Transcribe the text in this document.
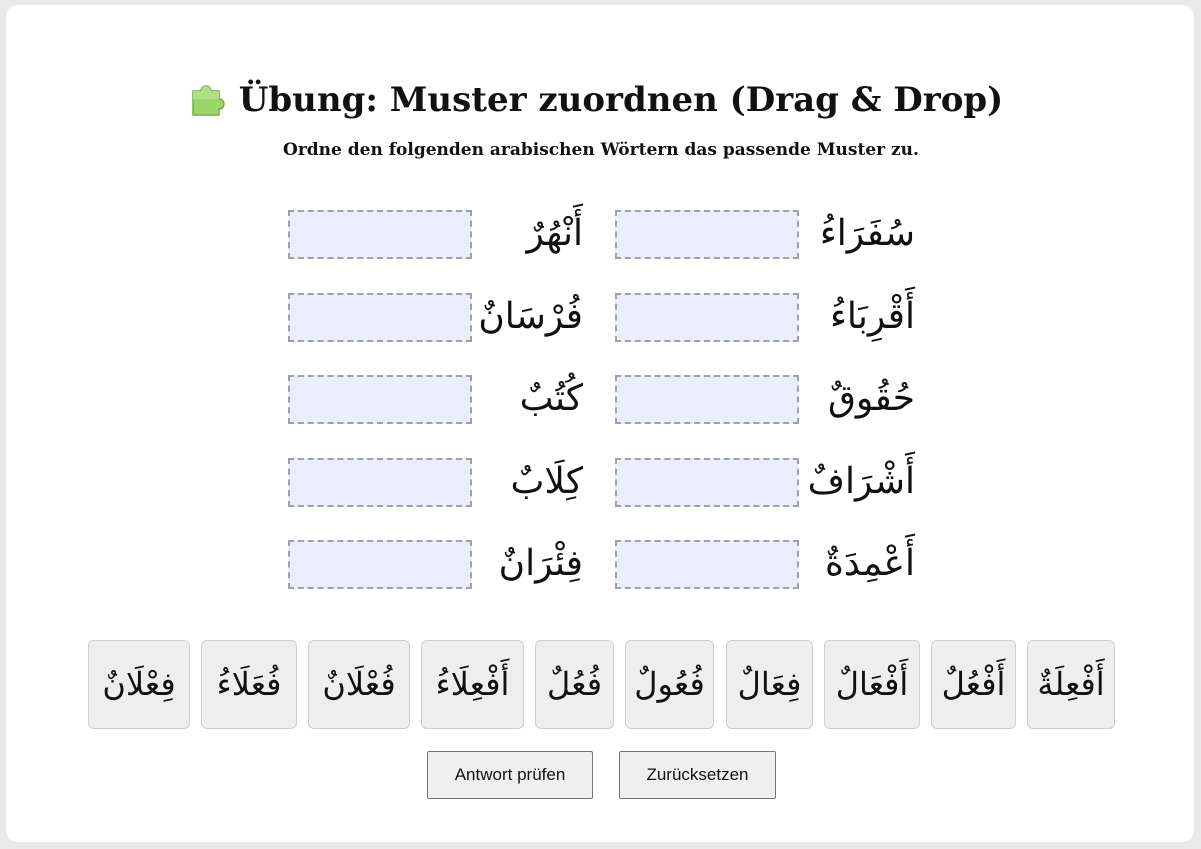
Übung: Muster zuordnen (Drag & Drop)
Ordne den folgenden arabischen Wörtern das passende Muster zu.
سُفَرَاءُ
أَقْرِبَاءُ
حُقُوقٌ
أَشْرَافٌ
أَعْمِدَةٌ
أَنْهُرٌ
فُرْسَانٌ
كُتُبٌ
كِلَابٌ
فِئْرَانٌ
فِعْلَانٌ	فُعَلَاءُ	فُعْلَانٌ	أَفْعِلَاءُ	فُعُلٌ	فُعُولٌ	فِعَالٌ	أَفْعَالٌ	أَفْعُلٌ أَفْعِلَةٌ
Antwort prüfen	Zurücksetzen
